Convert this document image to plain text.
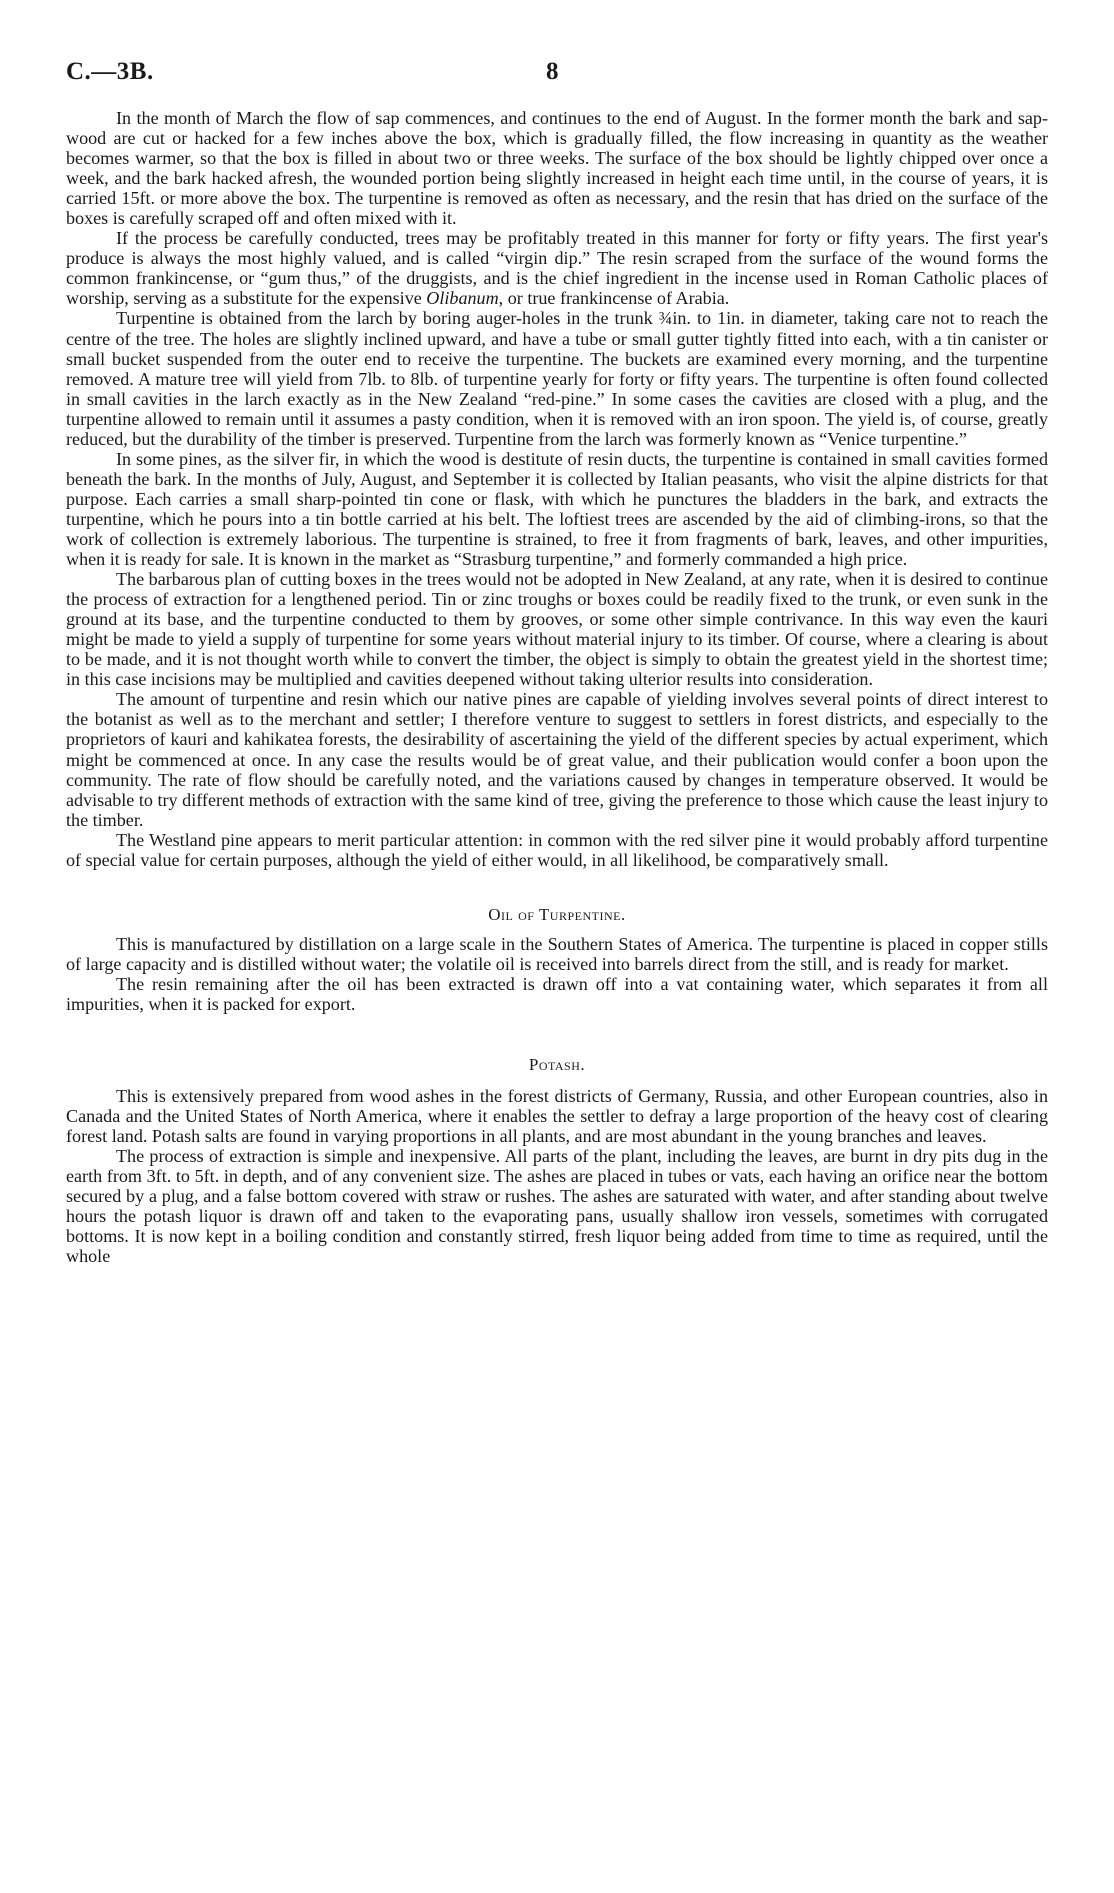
C.—3B.	8

In the month of March the flow of sap commences, and continues to the end of August. In the former month the bark and sap-wood are cut or hacked for a few inches above the box, which is gradually filled, the flow increasing in quantity as the weather becomes warmer, so that the box is filled in about two or three weeks. The surface of the box should be lightly chipped over once a week, and the bark hacked afresh, the wounded portion being slightly increased in height each time until, in the course of years, it is carried 15ft. or more above the box. The turpentine is removed as often as necessary, and the resin that has dried on the surface of the boxes is carefully scraped off and often mixed with it.

If the process be carefully conducted, trees may be profitably treated in this manner for forty or fifty years. The first year's produce is always the most highly valued, and is called “virgin dip.” The resin scraped from the surface of the wound forms the common frankincense, or “gum thus,” of the druggists, and is the chief ingredient in the incense used in Roman Catholic places of worship, serving as a substitute for the expensive Olibanum, or true frankincense of Arabia.

Turpentine is obtained from the larch by boring auger-holes in the trunk ¾in. to 1in. in diameter, taking care not to reach the centre of the tree. The holes are slightly inclined upward, and have a tube or small gutter tightly fitted into each, with a tin canister or small bucket suspended from the outer end to receive the turpentine. The buckets are examined every morning, and the turpentine removed. A mature tree will yield from 7lb. to 8lb. of turpentine yearly for forty or fifty years. The turpentine is often found collected in small cavities in the larch exactly as in the New Zealand “red-pine.” In some cases the cavities are closed with a plug, and the turpentine allowed to remain until it assumes a pasty condition, when it is removed with an iron spoon. The yield is, of course, greatly reduced, but the durability of the timber is preserved. Turpentine from the larch was formerly known as “Venice turpentine.”

In some pines, as the silver fir, in which the wood is destitute of resin ducts, the turpentine is contained in small cavities formed beneath the bark. In the months of July, August, and September it is collected by Italian peasants, who visit the alpine districts for that purpose. Each carries a small sharp-pointed tin cone or flask, with which he punctures the bladders in the bark, and extracts the turpentine, which he pours into a tin bottle carried at his belt. The loftiest trees are ascended by the aid of climbing-irons, so that the work of collection is extremely laborious. The turpentine is strained, to free it from fragments of bark, leaves, and other impurities, when it is ready for sale. It is known in the market as “Strasburg turpentine,” and formerly commanded a high price.

The barbarous plan of cutting boxes in the trees would not be adopted in New Zealand, at any rate, when it is desired to continue the process of extraction for a lengthened period. Tin or zinc troughs or boxes could be readily fixed to the trunk, or even sunk in the ground at its base, and the turpentine conducted to them by grooves, or some other simple contrivance. In this way even the kauri might be made to yield a supply of turpentine for some years without material injury to its timber. Of course, where a clearing is about to be made, and it is not thought worth while to convert the timber, the object is simply to obtain the greatest yield in the shortest time; in this case incisions may be multiplied and cavities deepened without taking ulterior results into consideration.

The amount of turpentine and resin which our native pines are capable of yielding involves several points of direct interest to the botanist as well as to the merchant and settler; I therefore venture to suggest to settlers in forest districts, and especially to the proprietors of kauri and kahikatea forests, the desirability of ascertaining the yield of the different species by actual experiment, which might be commenced at once. In any case the results would be of great value, and their publication would confer a boon upon the community. The rate of flow should be carefully noted, and the variations caused by changes in temperature observed. It would be advisable to try different methods of extraction with the same kind of tree, giving the preference to those which cause the least injury to the timber.

The Westland pine appears to merit particular attention: in common with the red silver pine it would probably afford turpentine of special value for certain purposes, although the yield of either would, in all likelihood, be comparatively small.

Oil of Turpentine.

This is manufactured by distillation on a large scale in the Southern States of America. The turpentine is placed in copper stills of large capacity and is distilled without water; the volatile oil is received into barrels direct from the still, and is ready for market.

The resin remaining after the oil has been extracted is drawn off into a vat containing water, which separates it from all impurities, when it is packed for export.

Potash.

This is extensively prepared from wood ashes in the forest districts of Germany, Russia, and other European countries, also in Canada and the United States of North America, where it enables the settler to defray a large proportion of the heavy cost of clearing forest land. Potash salts are found in varying proportions in all plants, and are most abundant in the young branches and leaves.

The process of extraction is simple and inexpensive. All parts of the plant, including the leaves, are burnt in dry pits dug in the earth from 3ft. to 5ft. in depth, and of any convenient size. The ashes are placed in tubes or vats, each having an orifice near the bottom secured by a plug, and a false bottom covered with straw or rushes. The ashes are saturated with water, and after standing about twelve hours the potash liquor is drawn off and taken to the evaporating pans, usually shallow iron vessels, sometimes with corrugated bottoms. It is now kept in a boiling condition and constantly stirred, fresh liquor being added from time to time as required, until the whole
